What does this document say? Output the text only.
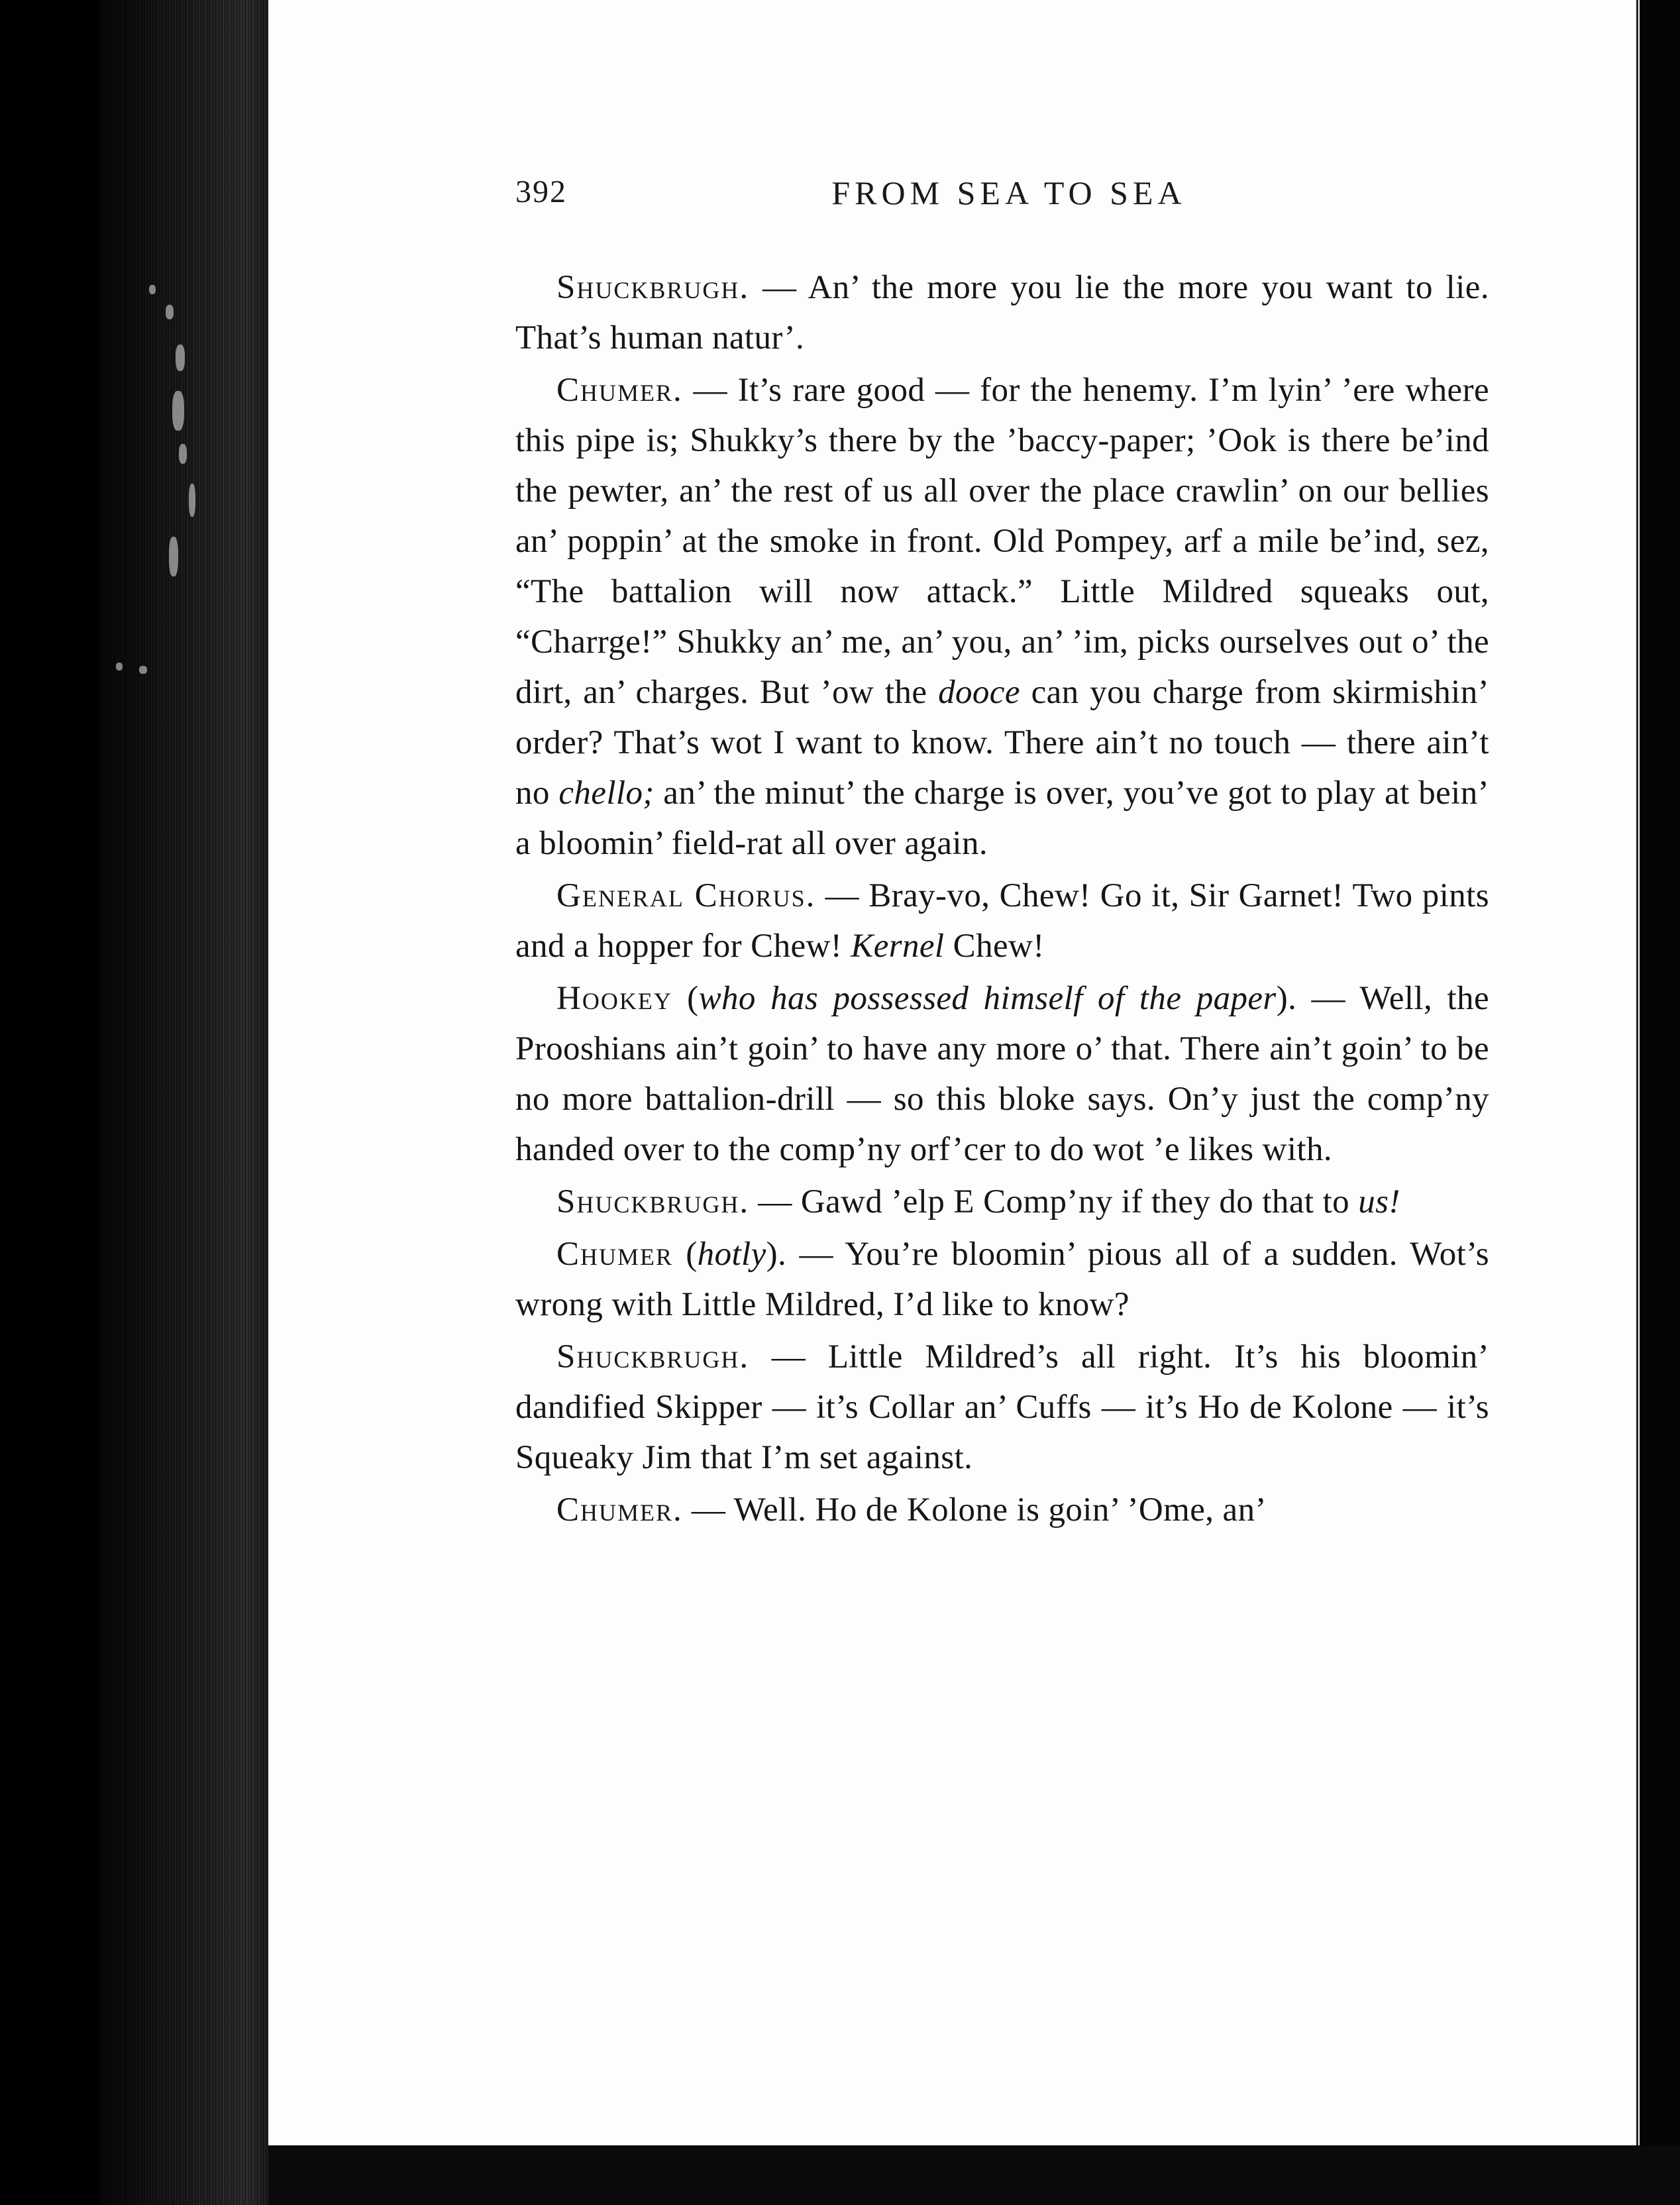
392	FROM SEA TO SEA

Shuckbrugh. — An’ the more you lie the more you want to lie. That’s human natur’.

Chumer. — It’s rare good — for the henemy. I’m lyin’ ’ere where this pipe is; Shukky’s there by the ’baccy-paper; ’Ook is there be’ind the pewter, an’ the rest of us all over the place crawlin’ on our bellies an’ poppin’ at the smoke in front. Old Pompey, arf a mile be’ind, sez, “The battalion will now attack.” Little Mildred squeaks out, “Charrge!” Shukky an’ me, an’ you, an’ ’im, picks ourselves out o’ the dirt, an’ charges. But ’ow the dooce can you charge from skirmishin’ order? That’s wot I want to know. There ain’t no touch — there ain’t no chello; an’ the minut’ the charge is over, you’ve got to play at bein’ a bloomin’ field-rat all over again.

General Chorus. — Bray-vo, Chew! Go it, Sir Garnet! Two pints and a hopper for Chew! Kernel Chew!

Hookey (who has possessed himself of the paper). — Well, the Prooshians ain’t goin’ to have any more o’ that. There ain’t goin’ to be no more battalion-drill — so this bloke says. On’y just the comp’ny handed over to the comp’ny orf’cer to do wot ’e likes with.

Shuckbrugh. — Gawd ’elp E Comp’ny if they do that to us!

Chumer (hotly). — You’re bloomin’ pious all of a sudden. Wot’s wrong with Little Mildred, I’d like to know?

Shuckbrugh. — Little Mildred’s all right. It’s his bloomin’ dandified Skipper — it’s Collar an’ Cuffs — it’s Ho de Kolone — it’s Squeaky Jim that I’m set against.

Chumer. — Well. Ho de Kolone is goin’ ’Ome, an’
